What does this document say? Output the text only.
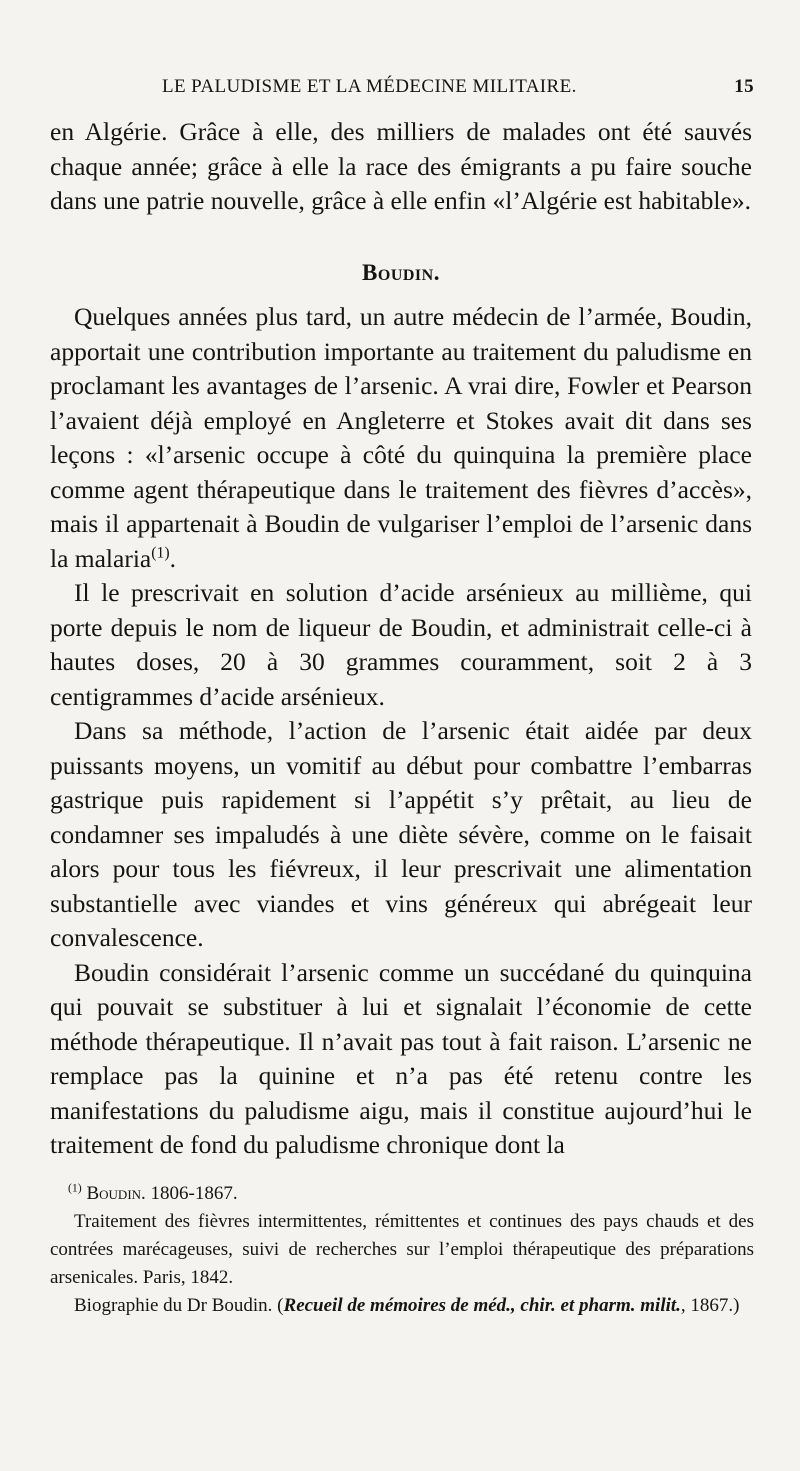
LE PALUDISME ET LA MÉDECINE MILITAIRE.	15

en Algérie. Grâce à elle, des milliers de malades ont été sauvés chaque année; grâce à elle la race des émigrants a pu faire souche dans une patrie nouvelle, grâce à elle enfin «l’Algérie est habitable».

Boudin.

Quelques années plus tard, un autre médecin de l’armée, Boudin, apportait une contribution importante au traitement du paludisme en proclamant les avantages de l’arsenic. A vrai dire, Fowler et Pearson l’avaient déjà employé en Angleterre et Stokes avait dit dans ses leçons : «l’arsenic occupe à côté du quinquina la première place comme agent thérapeutique dans le traitement des fièvres d’accès», mais il appartenait à Boudin de vulgariser l’emploi de l’arsenic dans la malaria$^{(1)}$.

Il le prescrivait en solution d’acide arsénieux au millième, qui porte depuis le nom de liqueur de Boudin, et administrait celle-ci à hautes doses, 20 à 30 grammes couramment, soit 2 à 3 centigrammes d’acide arsénieux.

Dans sa méthode, l’action de l’arsenic était aidée par deux puissants moyens, un vomitif au début pour combattre l’embarras gastrique puis rapidement si l’appétit s’y prêtait, au lieu de condamner ses impaludés à une diète sévère, comme on le faisait alors pour tous les fiévreux, il leur prescrivait une alimentation substantielle avec viandes et vins généreux qui abrégeait leur convalescence.

Boudin considérait l’arsenic comme un succédané du quinquina qui pouvait se substituer à lui et signalait l’économie de cette méthode thérapeutique. Il n’avait pas tout à fait raison. L’arsenic ne remplace pas la quinine et n’a pas été retenu contre les manifestations du paludisme aigu, mais il constitue aujourd’hui le traitement de fond du paludisme chronique dont la

$^{(1)}$ Boudin. 1806-1867.

Traitement des fièvres intermittentes, rémittentes et continues des pays chauds et des contrées marécageuses, suivi de recherches sur l’emploi thérapeutique des préparations arsenicales. Paris, 1842.

Biographie du Dr Boudin. (Recueil de mémoires de méd., chir. et pharm. milit., 1867.)
